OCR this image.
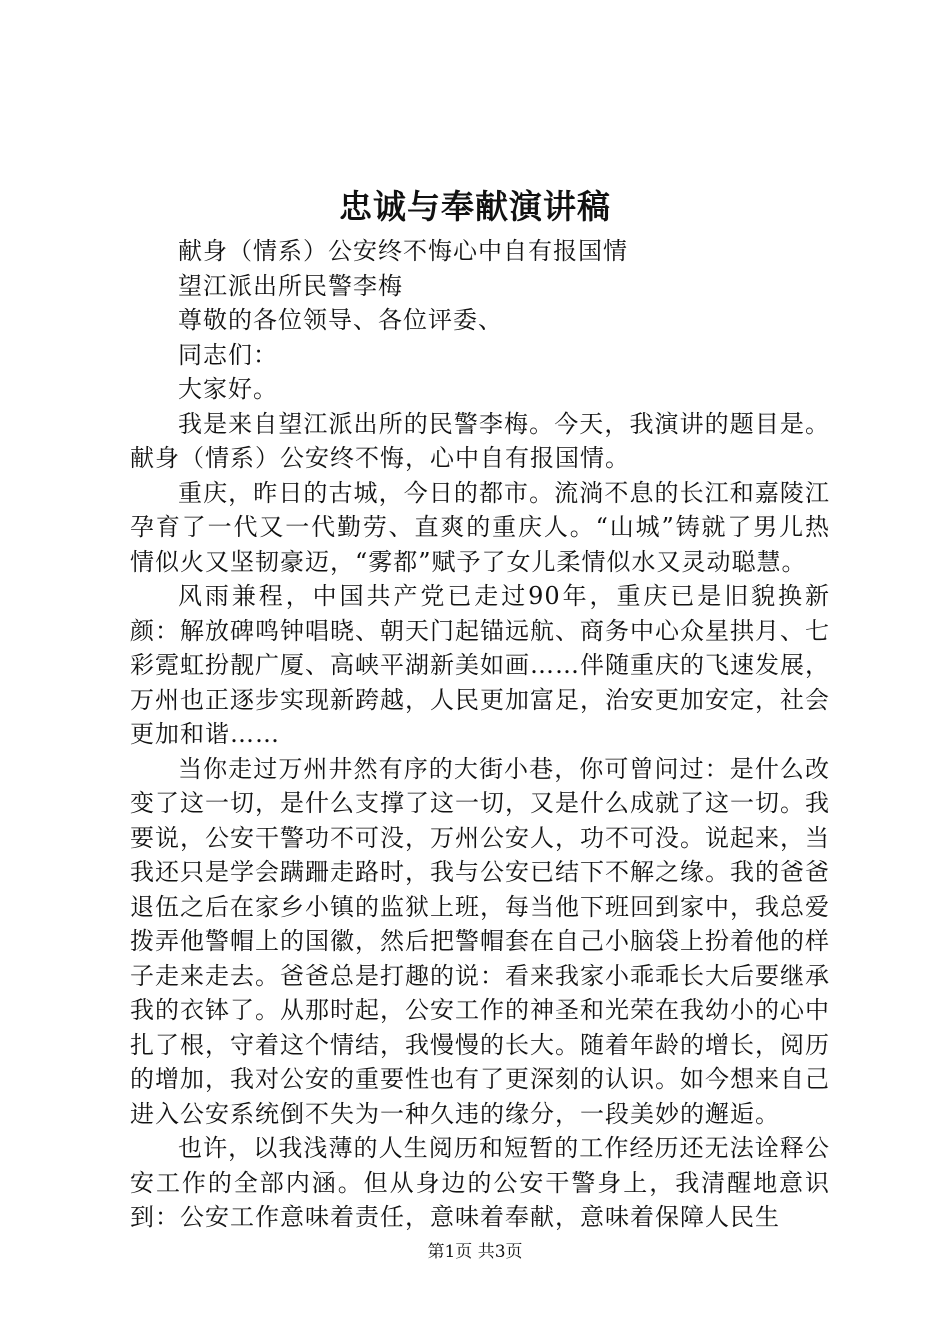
忠诚与奉献演讲稿

献身（情系）公安终不悔心中自有报国情

望江派出所民警李梅

尊敬的各位领导、各位评委、

同志们：

大家好。

我是来自望江派出所的民警李梅。今天，我演讲的题目是。献身（情系）公安终不悔，心中自有报国情。

重庆，昨日的古城，今日的都市。流淌不息的长江和嘉陵江孕育了一代又一代勤劳、直爽的重庆人。“山城”铸就了男儿热情似火又坚韧豪迈，“雾都”赋予了女儿柔情似水又灵动聪慧。

风雨兼程，中国共产党已走过90年，重庆已是旧貌换新颜：解放碑鸣钟唱晓、朝天门起锚远航、商务中心众星拱月、七彩霓虹扮靓广厦、高峡平湖新美如画……伴随重庆的飞速发展，万州也正逐步实现新跨越，人民更加富足，治安更加安定，社会更加和谐……

当你走过万州井然有序的大街小巷，你可曾问过：是什么改变了这一切，是什么支撑了这一切，又是什么成就了这一切。我要说，公安干警功不可没，万州公安人，功不可没。说起来，当我还只是学会蹒跚走路时，我与公安已结下不解之缘。我的爸爸退伍之后在家乡小镇的监狱上班，每当他下班回到家中，我总爱拨弄他警帽上的国徽，然后把警帽套在自己小脑袋上扮着他的样子走来走去。爸爸总是打趣的说：看来我家小乖乖长大后要继承我的衣钵了。从那时起，公安工作的神圣和光荣在我幼小的心中扎了根，守着这个情结，我慢慢的长大。随着年龄的增长，阅历的增加，我对公安的重要性也有了更深刻的认识。如今想来自己进入公安系统倒不失为一种久违的缘分，一段美妙的邂逅。

也许，以我浅薄的人生阅历和短暂的工作经历还无法诠释公安工作的全部内涵。但从身边的公安干警身上，我清醒地意识到：公安工作意味着责任，意味着奉献，意味着保障人民生

第1页 共3页
